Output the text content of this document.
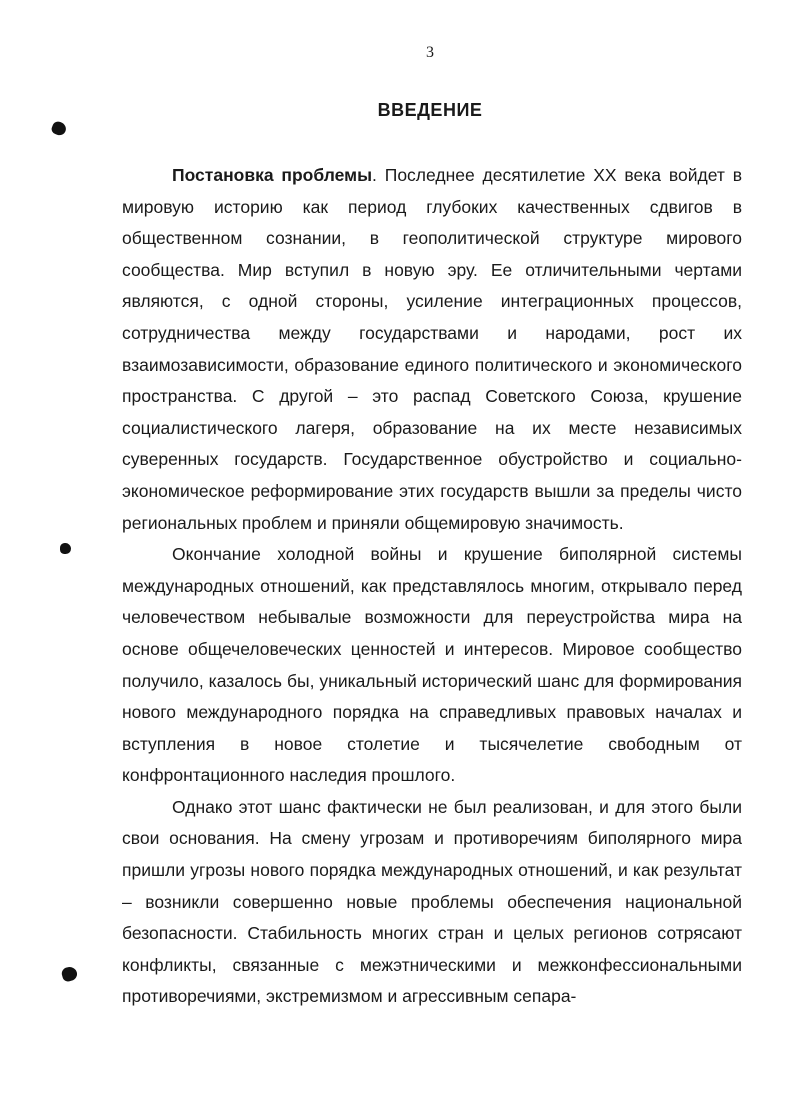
3
ВВЕДЕНИЕ

Постановка проблемы. Последнее десятилетие XX века войдет в мировую историю как период глубоких качественных сдвигов в общественном сознании, в геополитической структуре мирового сообщества. Мир вступил в новую эру. Ее отличительными чертами являются, с одной стороны, усиление интеграционных процессов, сотрудничества между государствами и народами, рост их взаимозависимости, образование единого политического и экономического пространства. С другой – это распад Советского Союза, крушение социалистического лагеря, образование на их месте независимых суверенных государств. Государственное обустройство и социально-экономическое реформирование этих государств вышли за пределы чисто региональных проблем и приняли общемировую значимость.

Окончание холодной войны и крушение биполярной системы международных отношений, как представлялось многим, открывало перед человечеством небывалые возможности для переустройства мира на основе общечеловеческих ценностей и интересов. Мировое сообщество получило, казалось бы, уникальный исторический шанс для формирования нового международного порядка на справедливых правовых началах и вступления в новое столетие и тысячелетие свободным от конфронтационного наследия прошлого.

Однако этот шанс фактически не был реализован, и для этого были свои основания. На смену угрозам и противоречиям биполярного мира пришли угрозы нового порядка международных отношений, и как результат – возникли совершенно новые проблемы обеспечения национальной безопасности. Стабильность многих стран и целых регионов сотрясают конфликты, связанные с межэтническими и межконфессиональными противоречиями, экстремизмом и агрессивным сепара-
